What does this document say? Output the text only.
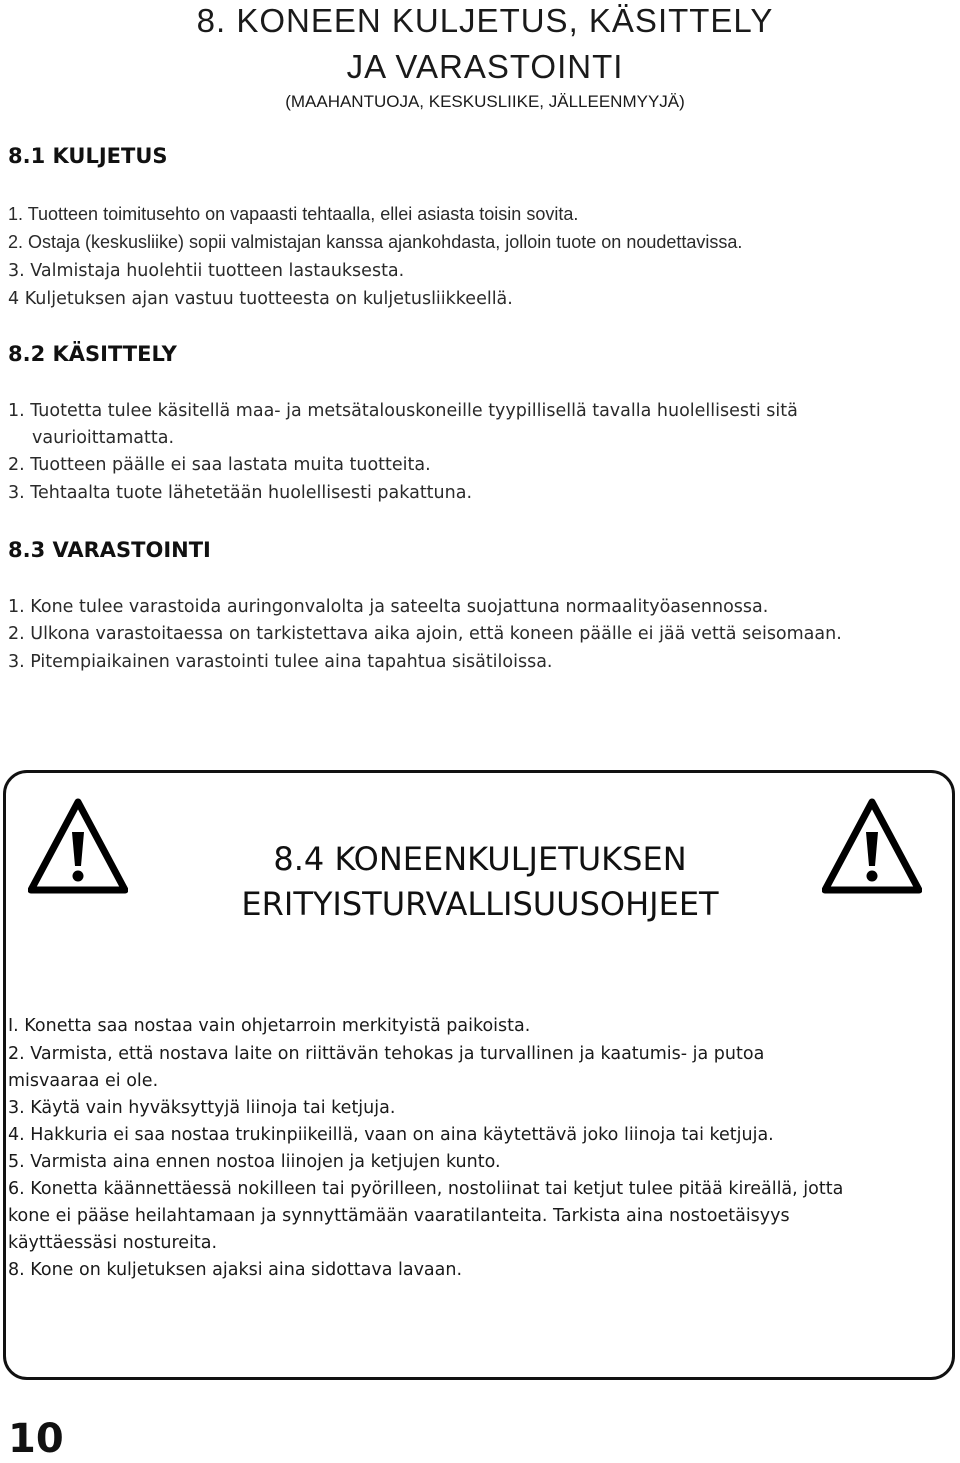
8. KONEEN KULJETUS, KÄSITTELY
JA VARASTOINTI
(MAAHANTUOJA, KESKUSLIIKE, JÄLLEENMYYJÄ)
8.1 KULJETUS
1. Tuotteen toimitusehto on vapaasti tehtaalla, ellei asiasta toisin sovita.
2. Ostaja (keskusliike) sopii valmistajan kanssa ajankohdasta, jolloin tuote on noudettavissa.
3. Valmistaja huolehtii tuotteen lastauksesta.
4 Kuljetuksen ajan vastuu tuotteesta on kuljetusliikkeellä.
8.2 KÄSITTELY
1. Tuotetta tulee käsitellä maa- ja metsätalouskoneille tyypillisellä tavalla huolellisesti sitä
vaurioittamatta.
2. Tuotteen päälle ei saa lastata muita tuotteita.
3. Tehtaalta tuote lähetetään huolellisesti pakattuna.
8.3 VARASTOINTI
1. Kone tulee varastoida auringonvalolta ja sateelta suojattuna normaalityöasennossa.
2. Ulkona varastoitaessa on tarkistettava aika ajoin, että koneen päälle ei jää vettä seisomaan.
3. Pitempiaikainen varastointi tulee aina tapahtua sisätiloissa.
8.4 KONEENKULJETUKSEN
ERITYISTURVALLISUUSOHJEET
I. Konetta saa nostaa vain ohjetarroin merkityistä paikoista.
2. Varmista, että nostava laite on riittävän tehokas ja turvallinen ja kaatumis- ja putoa
misvaaraa ei ole.
3. Käytä vain hyväksyttyjä liinoja tai ketjuja.
4. Hakkuria ei saa nostaa trukinpiikeillä, vaan on aina käytettävä joko liinoja tai ketjuja.
5. Varmista aina ennen nostoa liinojen ja ketjujen kunto.
6. Konetta käännettäessä nokilleen tai pyörilleen, nostoliinat tai ketjut tulee pitää kireällä, jotta
kone ei pääse heilahtamaan ja synnyttämään vaaratilanteita. Tarkista aina nostoetäisyys
käyttäessäsi nostureita.
8. Kone on kuljetuksen ajaksi aina sidottava lavaan.
10
